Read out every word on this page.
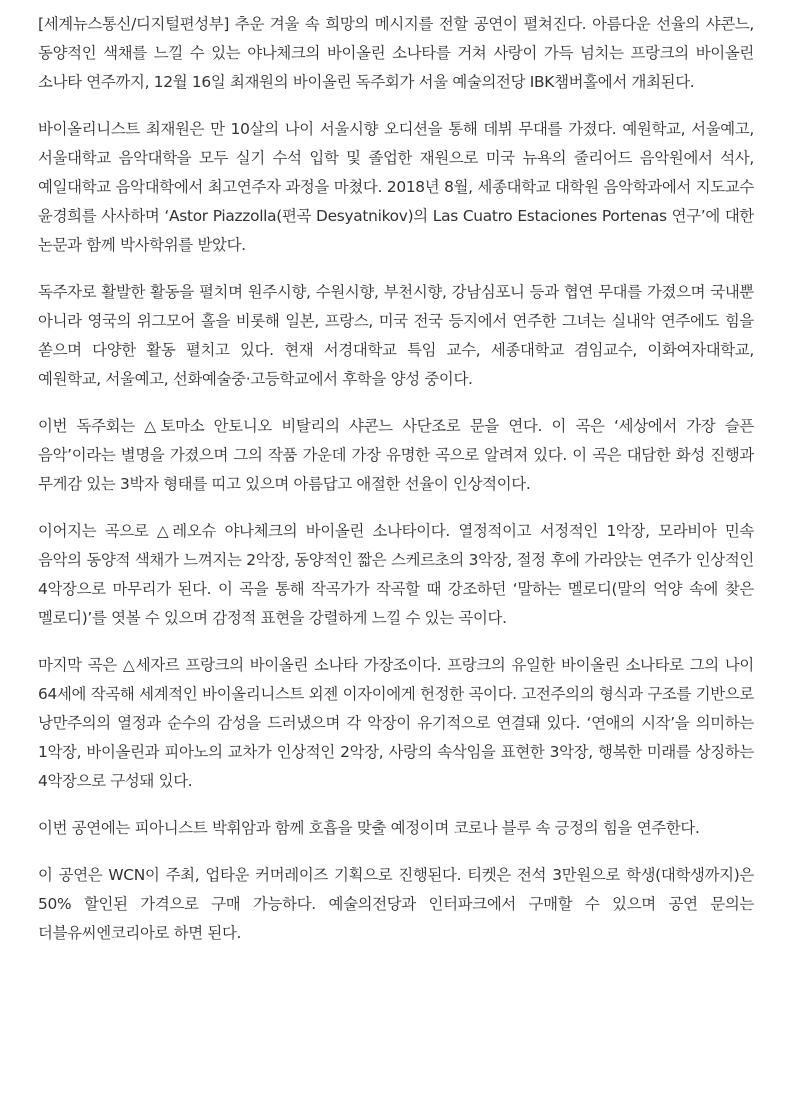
[세계뉴스통신/디지털편성부] 추운 겨울 속 희망의 메시지를 전할 공연이 펼쳐진다. 아름다운 선율의 샤콘느, 동양적인 색채를 느낄 수 있는 야나체크의 바이올린 소나타를 거쳐 사랑이 가득 넘치는 프랑크의 바이올린 소나타 연주까지, 12월 16일 최재원의 바이올린 독주회가 서울 예술의전당 IBK챔버홀에서 개최된다.

바이올리니스트 최재원은 만 10살의 나이 서울시향 오디션을 통해 데뷔 무대를 가졌다. 예원학교, 서울예고, 서울대학교 음악대학을 모두 실기 수석 입학 및 졸업한 재원으로 미국 뉴욕의 줄리어드 음악원에서 석사, 예일대학교 음악대학에서 최고연주자 과정을 마쳤다. 2018년 8월, 세종대학교 대학원 음악학과에서 지도교수 윤경희를 사사하며 ‘Astor Piazzolla(편곡 Desyatnikov)의 Las Cuatro Estaciones Portenas 연구’에 대한 논문과 함께 박사학위를 받았다.

독주자로 활발한 활동을 펼치며 원주시향, 수원시향, 부천시향, 강남심포니 등과 협연 무대를 가졌으며 국내뿐 아니라 영국의 위그모어 홀을 비롯해 일본, 프랑스, 미국 전국 등지에서 연주한 그녀는 실내악 연주에도 힘을 쏟으며 다양한 활동 펼치고 있다. 현재 서경대학교 특임 교수, 세종대학교 겸임교수, 이화여자대학교, 예원학교, 서울예고, 선화예술중·고등학교에서 후학을 양성 중이다.

이번 독주회는 △토마소 안토니오 비탈리의 샤콘느 사단조로 문을 연다. 이 곡은 ‘세상에서 가장 슬픈 음악’이라는 별명을 가졌으며 그의 작품 가운데 가장 유명한 곡으로 알려져 있다. 이 곡은 대담한 화성 진행과 무게감 있는 3박자 형태를 띠고 있으며 아름답고 애절한 선율이 인상적이다.

이어지는 곡으로 △레오슈 야나체크의 바이올린 소나타이다. 열정적이고 서정적인 1악장, 모라비아 민속 음악의 동양적 색채가 느껴지는 2악장, 동양적인 짧은 스케르초의 3악장, 절정 후에 가라앉는 연주가 인상적인 4악장으로 마무리가 된다. 이 곡을 통해 작곡가가 작곡할 때 강조하던 ‘말하는 멜로디(말의 억양 속에 찾은 멜로디)’를 엿볼 수 있으며 감정적 표현을 강렬하게 느낄 수 있는 곡이다.

마지막 곡은 △세자르 프랑크의 바이올린 소나타 가장조이다. 프랑크의 유일한 바이올린 소나타로 그의 나이 64세에 작곡해 세계적인 바이올리니스트 외젠 이자이에게 헌정한 곡이다. 고전주의의 형식과 구조를 기반으로 낭만주의의 열정과 순수의 감성을 드러냈으며 각 악장이 유기적으로 연결돼 있다. ‘연애의 시작’을 의미하는 1악장, 바이올린과 피아노의 교차가 인상적인 2악장, 사랑의 속삭임을 표현한 3악장, 행복한 미래를 상징하는 4악장으로 구성돼 있다.

이번 공연에는 피아니스트 박휘암과 함께 호흡을 맞출 예정이며 코로나 블루 속 긍정의 힘을 연주한다.

이 공연은 WCN이 주최, 업타운 커머레이즈 기획으로 진행된다. 티켓은 전석 3만원으로 학생(대학생까지)은 50% 할인된 가격으로 구매 가능하다. 예술의전당과 인터파크에서 구매할 수 있으며 공연 문의는 더블유씨엔코리아로 하면 된다.
